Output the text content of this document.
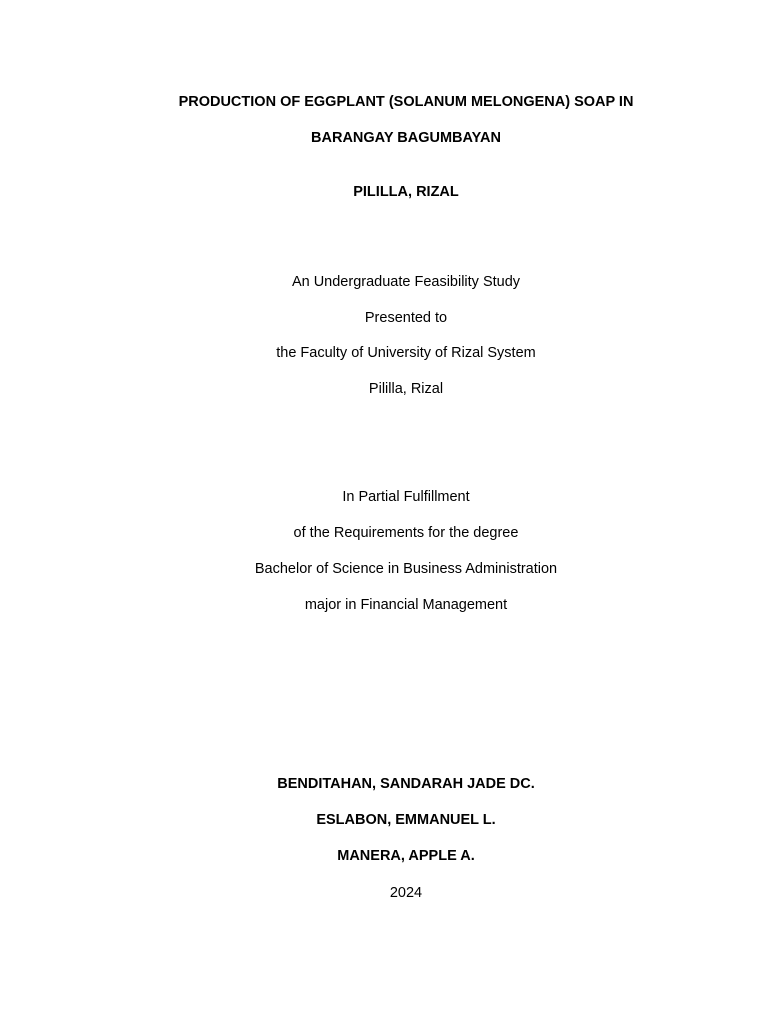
PRODUCTION OF EGGPLANT (SOLANUM MELONGENA) SOAP IN

BARANGAY BAGUMBAYAN

PILILLA, RIZAL

An Undergraduate Feasibility Study

Presented to

the Faculty of University of Rizal System

Pililla, Rizal

In Partial Fulfillment

of the Requirements for the degree

Bachelor of Science in Business Administration

major in Financial Management

BENDITAHAN, SANDARAH JADE DC.

ESLABON, EMMANUEL L.

MANERA, APPLE A.

2024
